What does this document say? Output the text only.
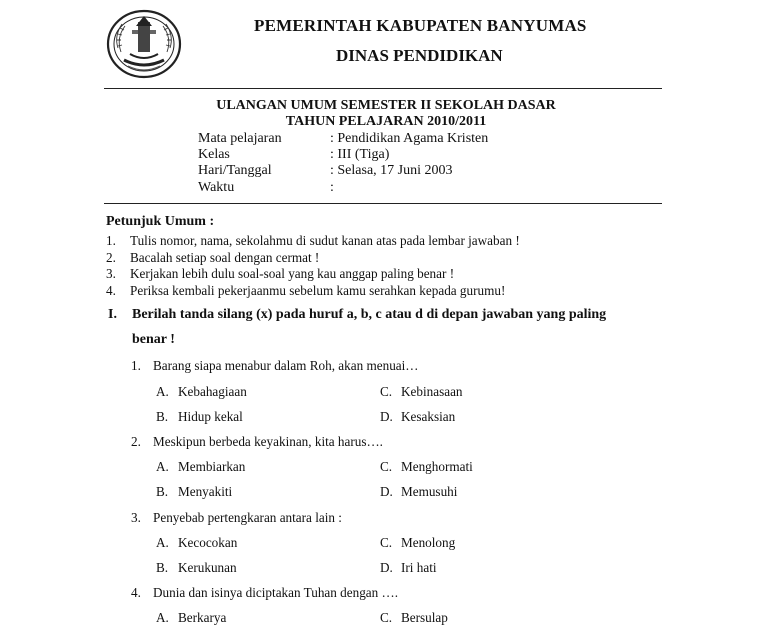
PEMERINTAH KABUPATEN BANYUMAS
DINAS PENDIDIKAN
ULANGAN UMUM SEMESTER II SEKOLAH DASAR
TAHUN PELAJARAN 2010/2011
Mata pelajaran	: Pendidikan Agama Kristen
Kelas	: III (Tiga)
Hari/Tanggal	: Selasa, 17 Juni 2003
Waktu	:
Petunjuk Umum :
1. Tulis nomor, nama, sekolahmu di sudut kanan atas pada lembar jawaban !
2. Bacalah setiap soal dengan cermat !
3. Kerjakan lebih dulu soal-soal yang kau anggap paling benar !
4. Periksa kembali pekerjaanmu sebelum kamu serahkan kepada gurumu!
I. Berilah tanda silang (x) pada huruf a, b, c atau d di depan jawaban yang paling
benar !
1. Barang siapa menabur dalam Roh, akan menuai…
A. Kebahagiaan	C. Kebinasaan
B. Hidup kekal	D. Kesaksian
2. Meskipun berbeda keyakinan, kita harus….
A. Membiarkan	C. Menghormati
B. Menyakiti	D. Memusuhi
3. Penyebab pertengkaran antara lain :
A. Kecocokan	C. Menolong
B. Kerukunan	D. Iri hati
4. Dunia dan isinya diciptakan Tuhan dengan ….
A. Berkarya	C. Bersulap
